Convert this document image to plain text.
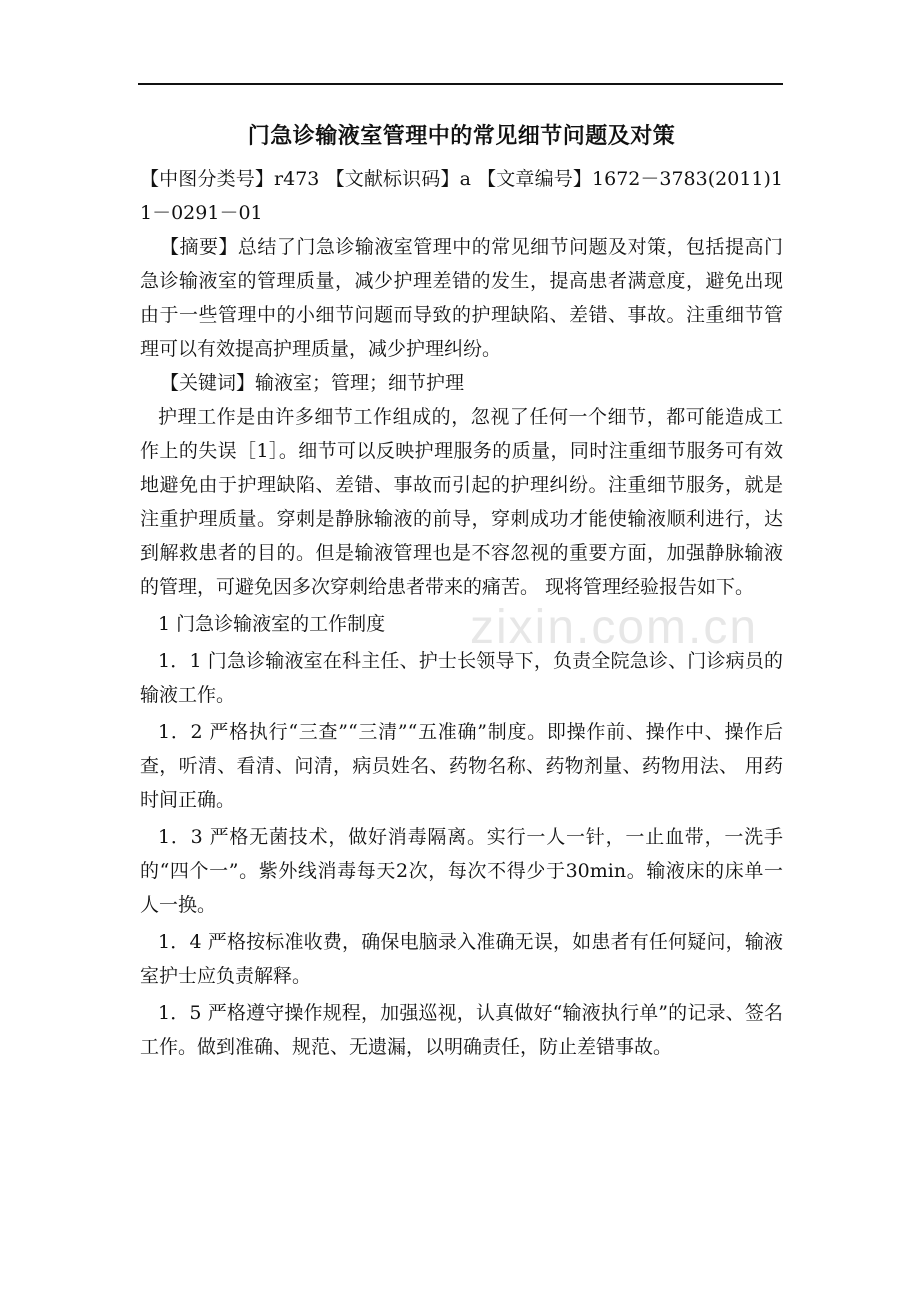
门急诊输液室管理中的常见细节问题及对策

【中图分类号】r473 【文献标识码】a 【文章编号】1672－3783(2011)11－0291－01

【摘要】总结了门急诊输液室管理中的常见细节问题及对策，包括提高门急诊输液室的管理质量，减少护理差错的发生，提高患者满意度，避免出现由于一些管理中的小细节问题而导致的护理缺陷、差错、事故。注重细节管理可以有效提高护理质量，减少护理纠纷。

【关键词】输液室；管理；细节护理

护理工作是由许多细节工作组成的，忽视了任何一个细节，都可能造成工作上的失误［1］。细节可以反映护理服务的质量，同时注重细节服务可有效地避免由于护理缺陷、差错、事故而引起的护理纠纷。注重细节服务，就是注重护理质量。穿刺是静脉输液的前导，穿刺成功才能使输液顺利进行，达到解救患者的目的。但是输液管理也是不容忽视的重要方面，加强静脉输液的管理，可避免因多次穿刺给患者带来的痛苦。 现将管理经验报告如下。

1 门急诊输液室的工作制度

1．1 门急诊输液室在科主任、护士长领导下，负责全院急诊、门诊病员的输液工作。

1．2 严格执行“三查”“三清”“五准确”制度。即操作前、操作中、操作后查，听清、看清、问清，病员姓名、药物名称、药物剂量、药物用法、 用药时间正确。

1．3 严格无菌技术，做好消毒隔离。实行一人一针，一止血带，一洗手的“四个一”。紫外线消毒每天2次，每次不得少于30min。输液床的床单一人一换。

1．4 严格按标准收费，确保电脑录入准确无误，如患者有任何疑问，输液室护士应负责解释。

1．5 严格遵守操作规程，加强巡视，认真做好“输液执行单”的记录、签名工作。做到准确、规范、无遗漏，以明确责任，防止差错事故。

zixin.com.cn
